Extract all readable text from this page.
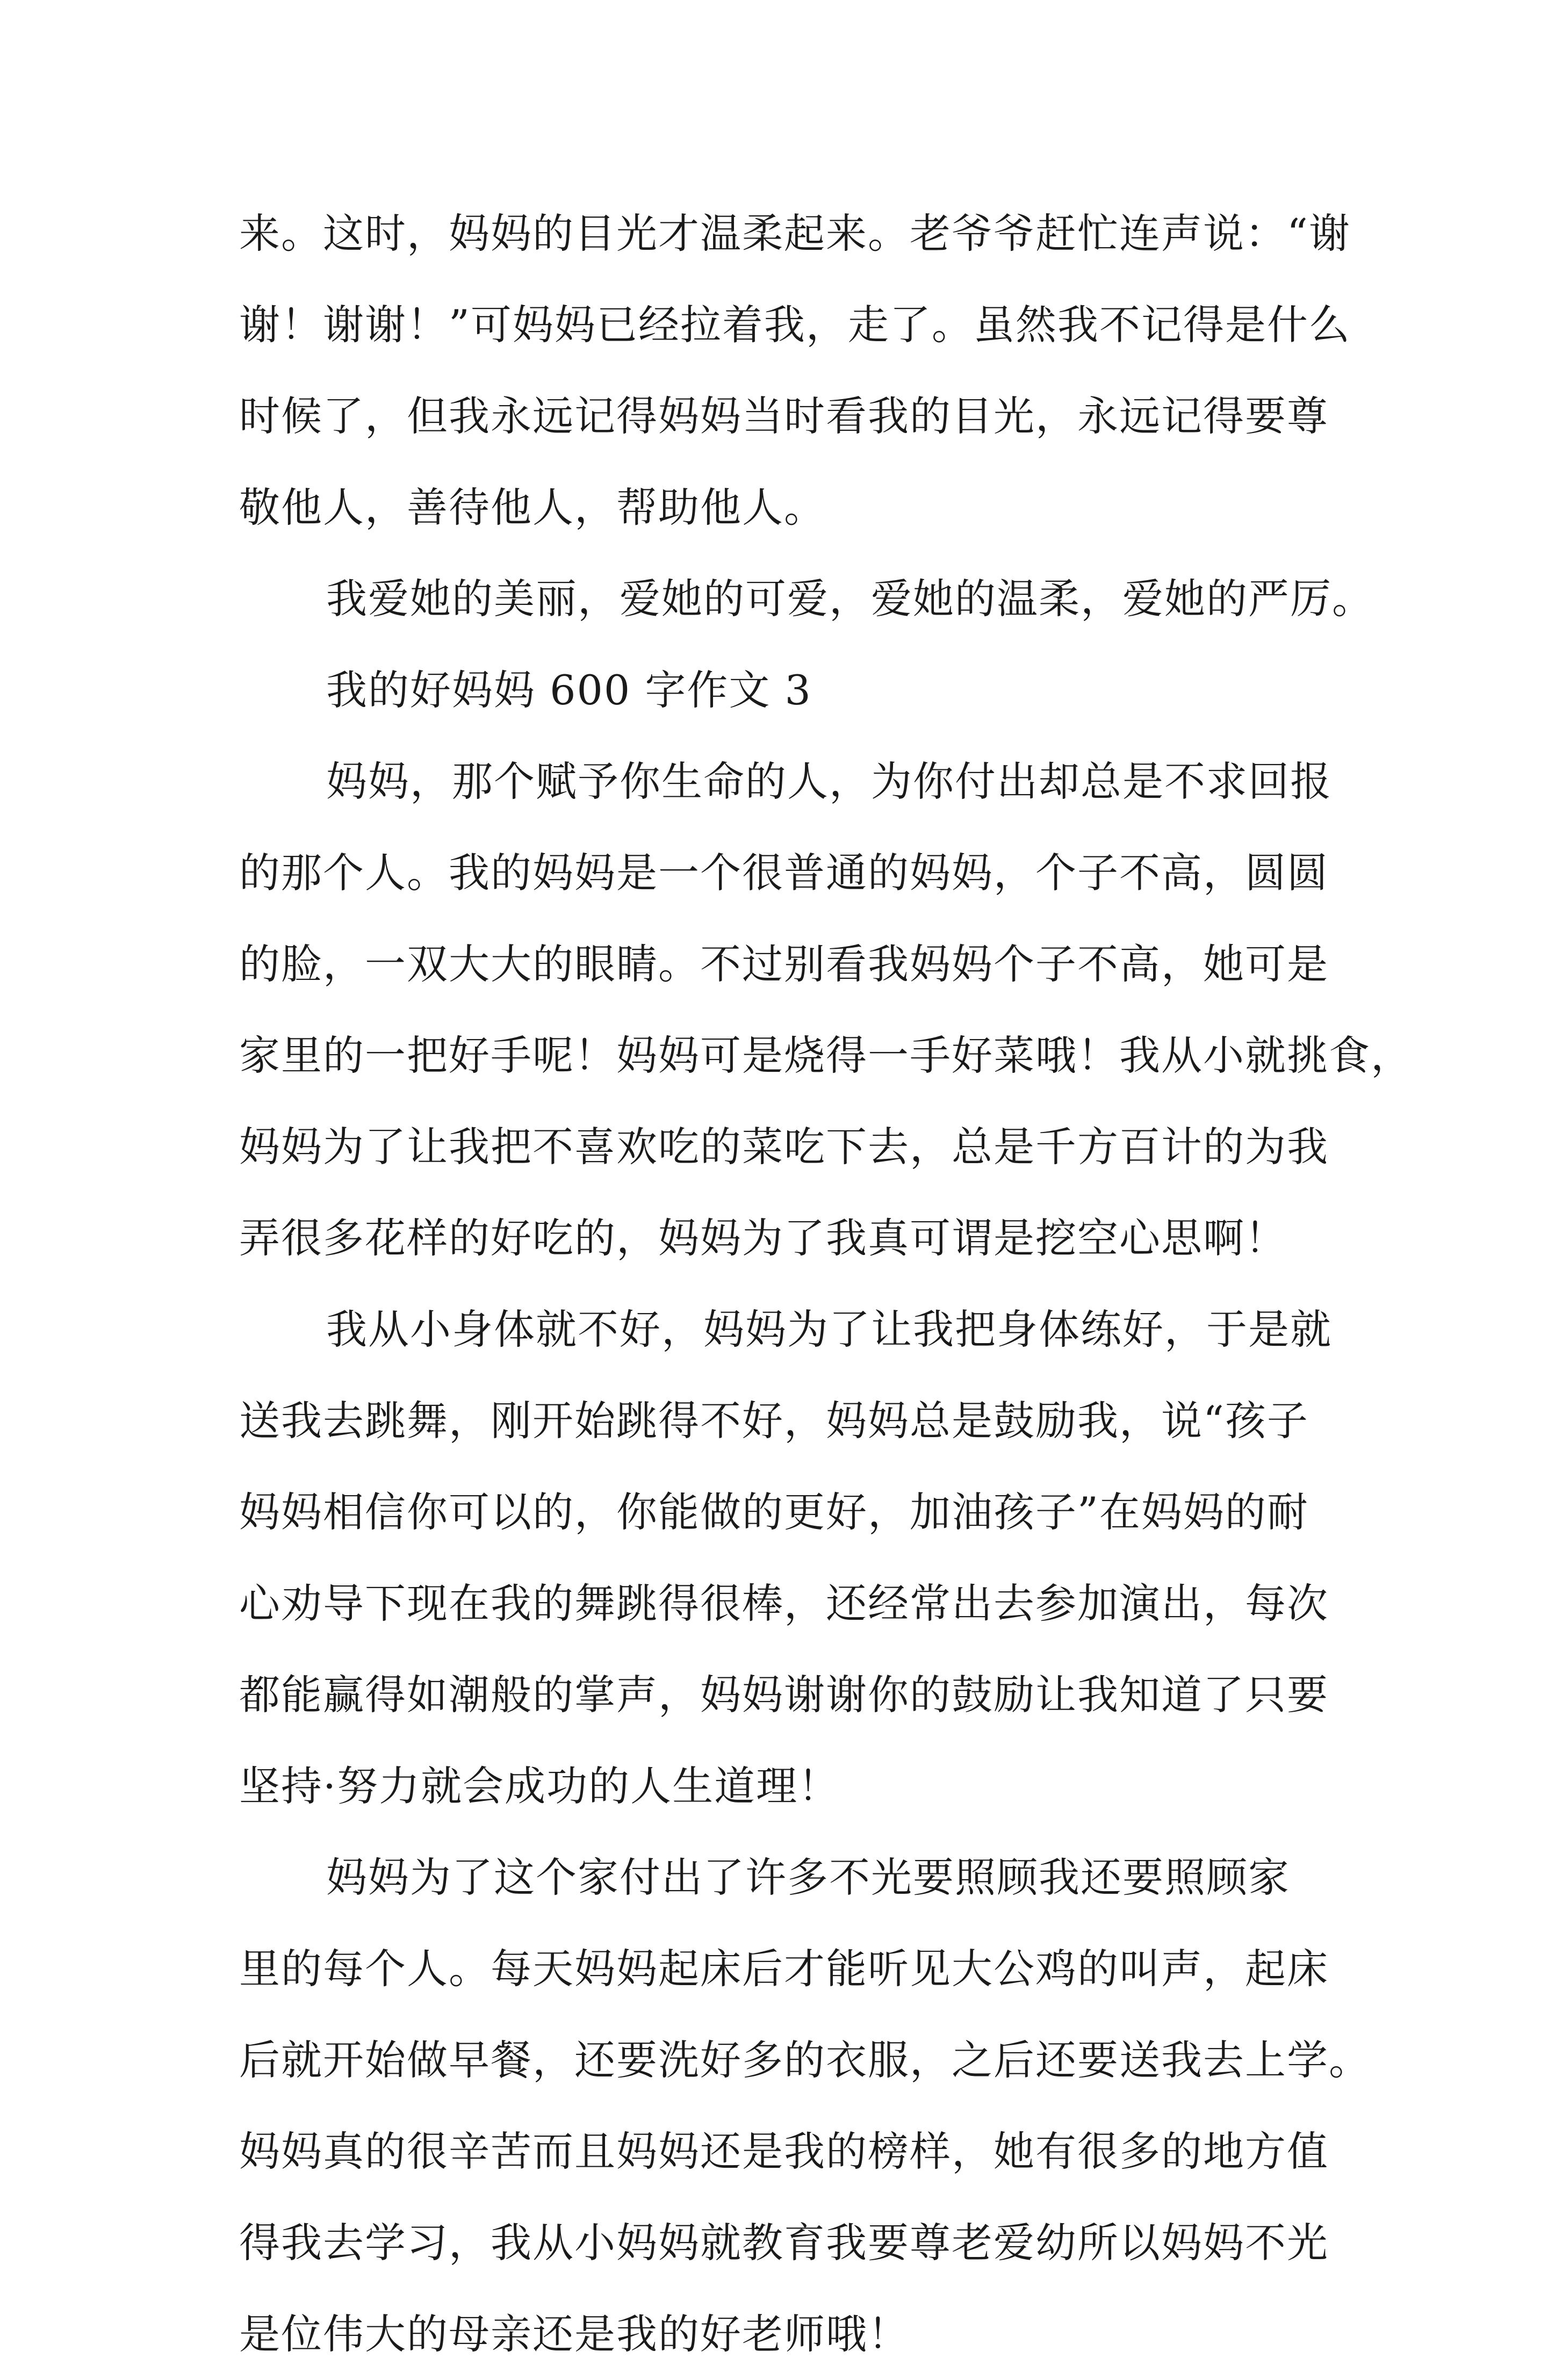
来。这时，妈妈的目光才温柔起来。老爷爷赶忙连声说：“谢
谢！谢谢！”可妈妈已经拉着我，走了。虽然我不记得是什么
时候了，但我永远记得妈妈当时看我的目光，永远记得要尊
敬他人，善待他人，帮助他人。
我爱她的美丽，爱她的可爱，爱她的温柔，爱她的严厉。
我的好妈妈 600 字作文 3
妈妈，那个赋予你生命的人，为你付出却总是不求回报
的那个人。我的妈妈是一个很普通的妈妈，个子不高，圆圆
的脸，一双大大的眼睛。不过别看我妈妈个子不高，她可是
家里的一把好手呢！妈妈可是烧得一手好菜哦！我从小就挑食，
妈妈为了让我把不喜欢吃的菜吃下去，总是千方百计的为我
弄很多花样的好吃的，妈妈为了我真可谓是挖空心思啊！
我从小身体就不好，妈妈为了让我把身体练好，于是就
送我去跳舞，刚开始跳得不好，妈妈总是鼓励我，说“孩子
妈妈相信你可以的，你能做的更好，加油孩子”在妈妈的耐
心劝导下现在我的舞跳得很棒，还经常出去参加演出，每次
都能赢得如潮般的掌声，妈妈谢谢你的鼓励让我知道了只要
坚持·努力就会成功的人生道理！
妈妈为了这个家付出了许多不光要照顾我还要照顾家
里的每个人。每天妈妈起床后才能听见大公鸡的叫声，起床
后就开始做早餐，还要洗好多的衣服，之后还要送我去上学。
妈妈真的很辛苦而且妈妈还是我的榜样，她有很多的地方值
得我去学习，我从小妈妈就教育我要尊老爱幼所以妈妈不光
是位伟大的母亲还是我的好老师哦！
